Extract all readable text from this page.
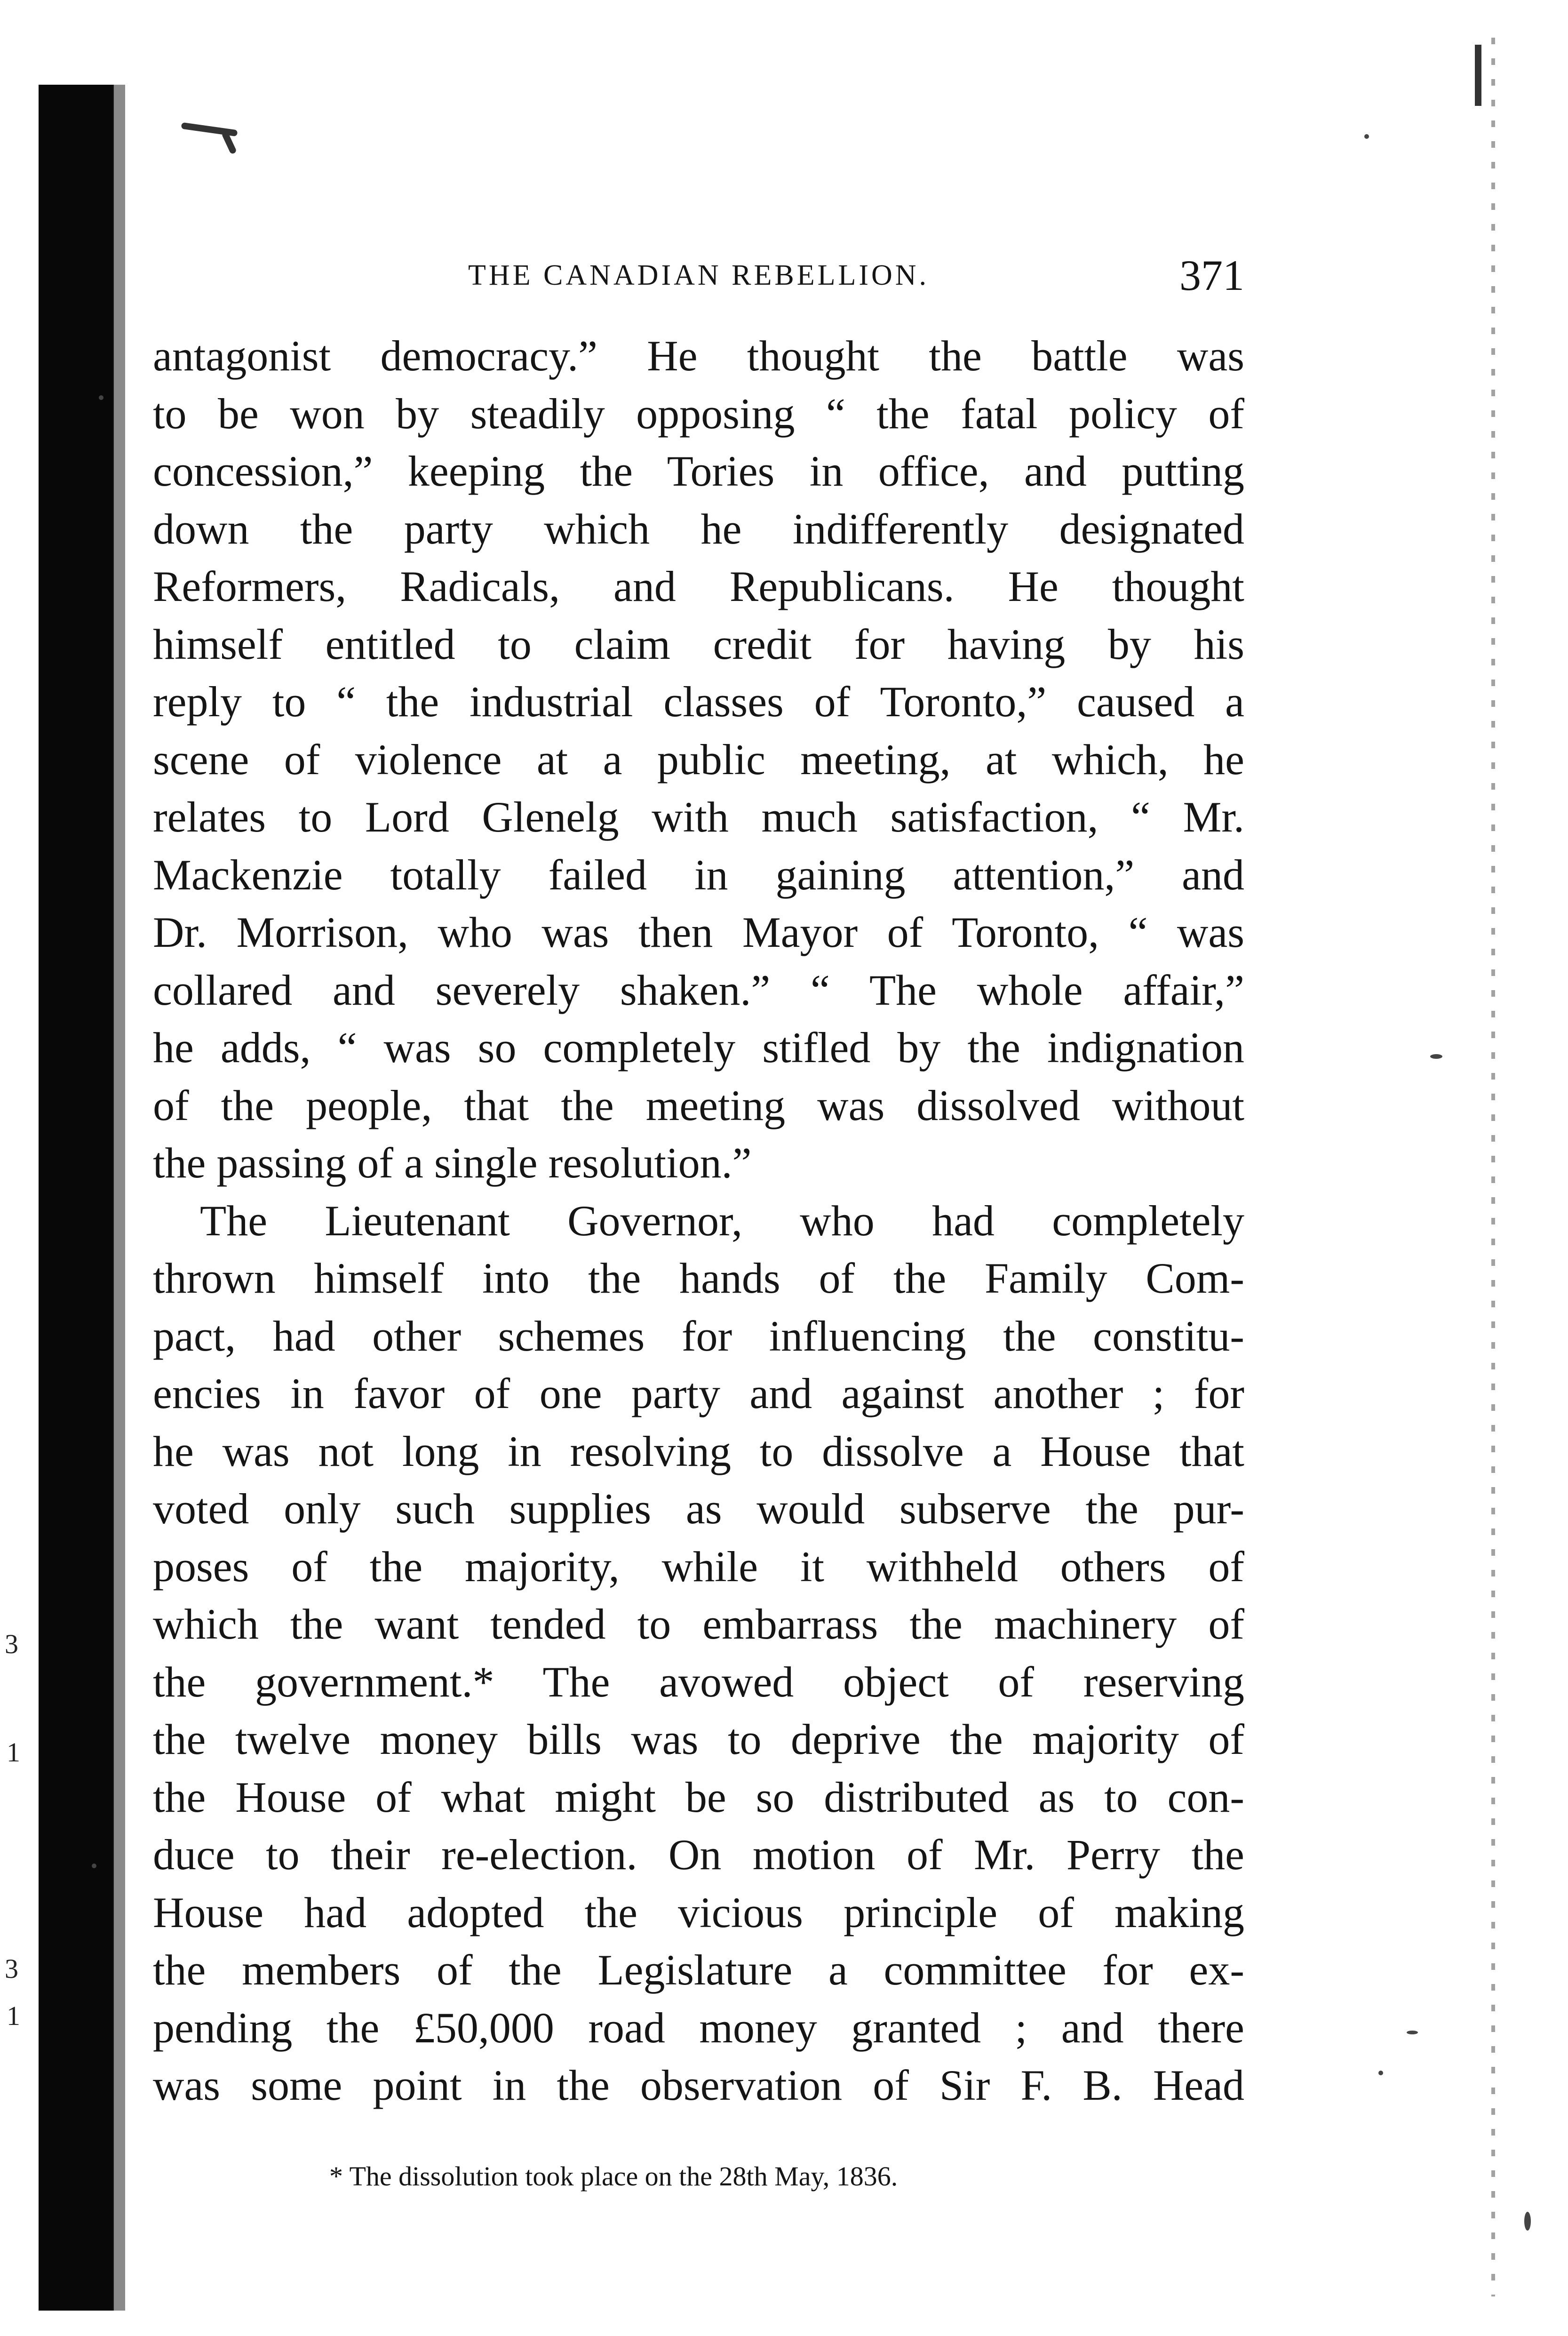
3
1
3
1
THE CANADIAN REBELLION.	371
antagonist democracy.” He thought the battle was
to be won by steadily opposing “ the fatal policy of
concession,” keeping the Tories in office, and putting
down the party which he indifferently designated
Reformers, Radicals, and Republicans. He thought
himself entitled to claim credit for having by his
reply to “ the industrial classes of Toronto,” caused a
scene of violence at a public meeting, at which, he
relates to Lord Glenelg with much satisfaction, “ Mr.
Mackenzie totally failed in gaining attention,” and
Dr. Morrison, who was then Mayor of Toronto, “ was
collared and severely shaken.” “ The whole affair,”
he adds, “ was so completely stifled by the indignation
of the people, that the meeting was dissolved without
the passing of a single resolution.”
The Lieutenant Governor, who had completely
thrown himself into the hands of the Family Com-
pact, had other schemes for influencing the constitu-
encies in favor of one party and against another ; for
he was not long in resolving to dissolve a House that
voted only such supplies as would subserve the pur-
poses of the majority, while it withheld others of
which the want tended to embarrass the machinery of
the government.* The avowed object of reserving
the twelve money bills was to deprive the majority of
the House of what might be so distributed as to con-
duce to their re-election. On motion of Mr. Perry the
House had adopted the vicious principle of making
the members of the Legislature a committee for ex-
pending the £50,000 road money granted ; and there
was some point in the observation of Sir F. B. Head
* The dissolution took place on the 28th May, 1836.
